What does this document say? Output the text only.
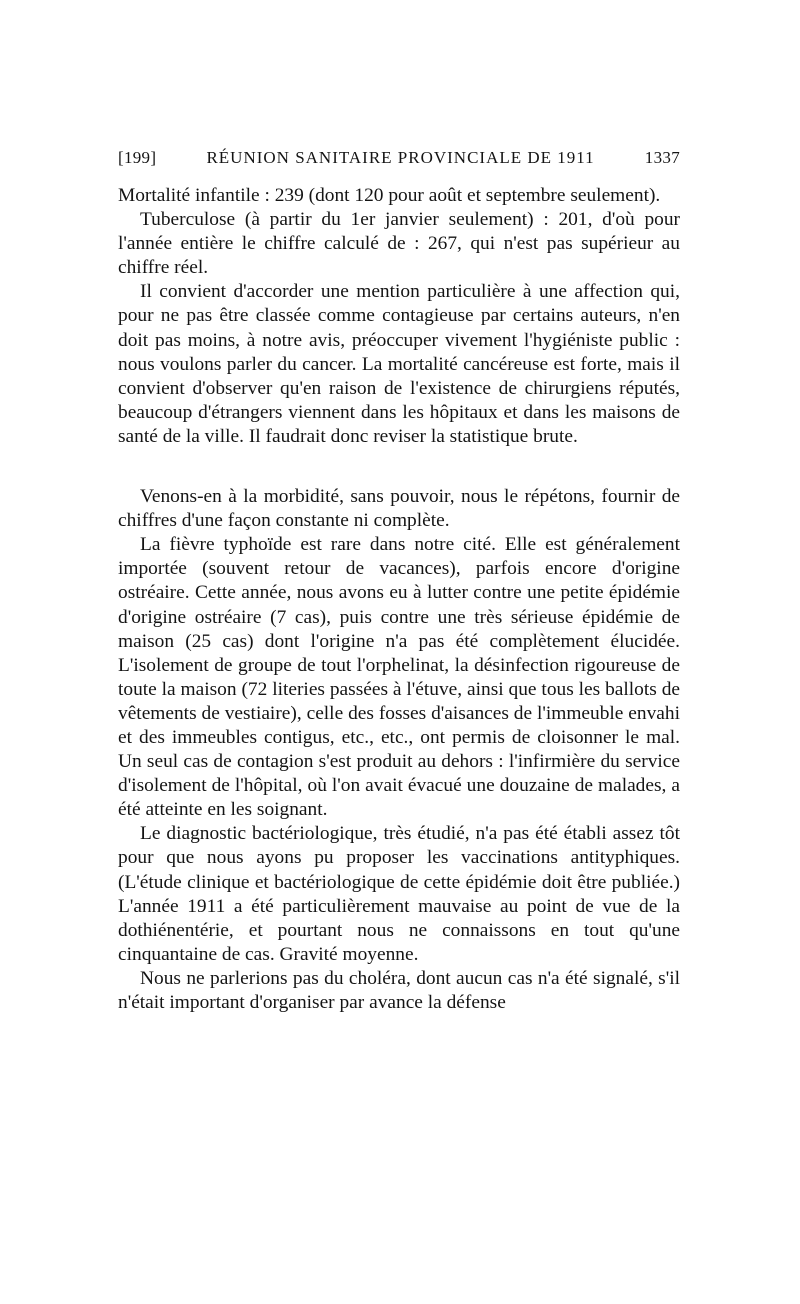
[199]	RÉUNION SANITAIRE PROVINCIALE DE 1911	1337

Mortalité infantile : 239 (dont 120 pour août et septembre seulement).

Tuberculose (à partir du 1er janvier seulement) : 201, d'où pour l'année entière le chiffre calculé de : 267, qui n'est pas supérieur au chiffre réel.

Il convient d'accorder une mention particulière à une affection qui, pour ne pas être classée comme contagieuse par certains auteurs, n'en doit pas moins, à notre avis, préoccuper vivement l'hygiéniste public : nous voulons parler du cancer. La mortalité cancéreuse est forte, mais il convient d'observer qu'en raison de l'existence de chirurgiens réputés, beaucoup d'étrangers viennent dans les hôpitaux et dans les maisons de santé de la ville. Il faudrait donc reviser la statistique brute.

Venons-en à la morbidité, sans pouvoir, nous le répétons, fournir de chiffres d'une façon constante ni complète.

La fièvre typhoïde est rare dans notre cité. Elle est généralement importée (souvent retour de vacances), parfois encore d'origine ostréaire. Cette année, nous avons eu à lutter contre une petite épidémie d'origine ostréaire (7 cas), puis contre une très sérieuse épidémie de maison (25 cas) dont l'origine n'a pas été complètement élucidée. L'isolement de groupe de tout l'orphelinat, la désinfection rigoureuse de toute la maison (72 literies passées à l'étuve, ainsi que tous les ballots de vêtements de vestiaire), celle des fosses d'aisances de l'immeuble envahi et des immeubles contigus, etc., etc., ont permis de cloisonner le mal. Un seul cas de contagion s'est produit au dehors : l'infirmière du service d'isolement de l'hôpital, où l'on avait évacué une douzaine de malades, a été atteinte en les soignant.

Le diagnostic bactériologique, très étudié, n'a pas été établi assez tôt pour que nous ayons pu proposer les vaccinations antityphiques. (L'étude clinique et bactériologique de cette épidémie doit être publiée.) L'année 1911 a été particulièrement mauvaise au point de vue de la dothiénentérie, et pourtant nous ne connaissons en tout qu'une cinquantaine de cas. Gravité moyenne.

Nous ne parlerions pas du choléra, dont aucun cas n'a été signalé, s'il n'était important d'organiser par avance la défense
